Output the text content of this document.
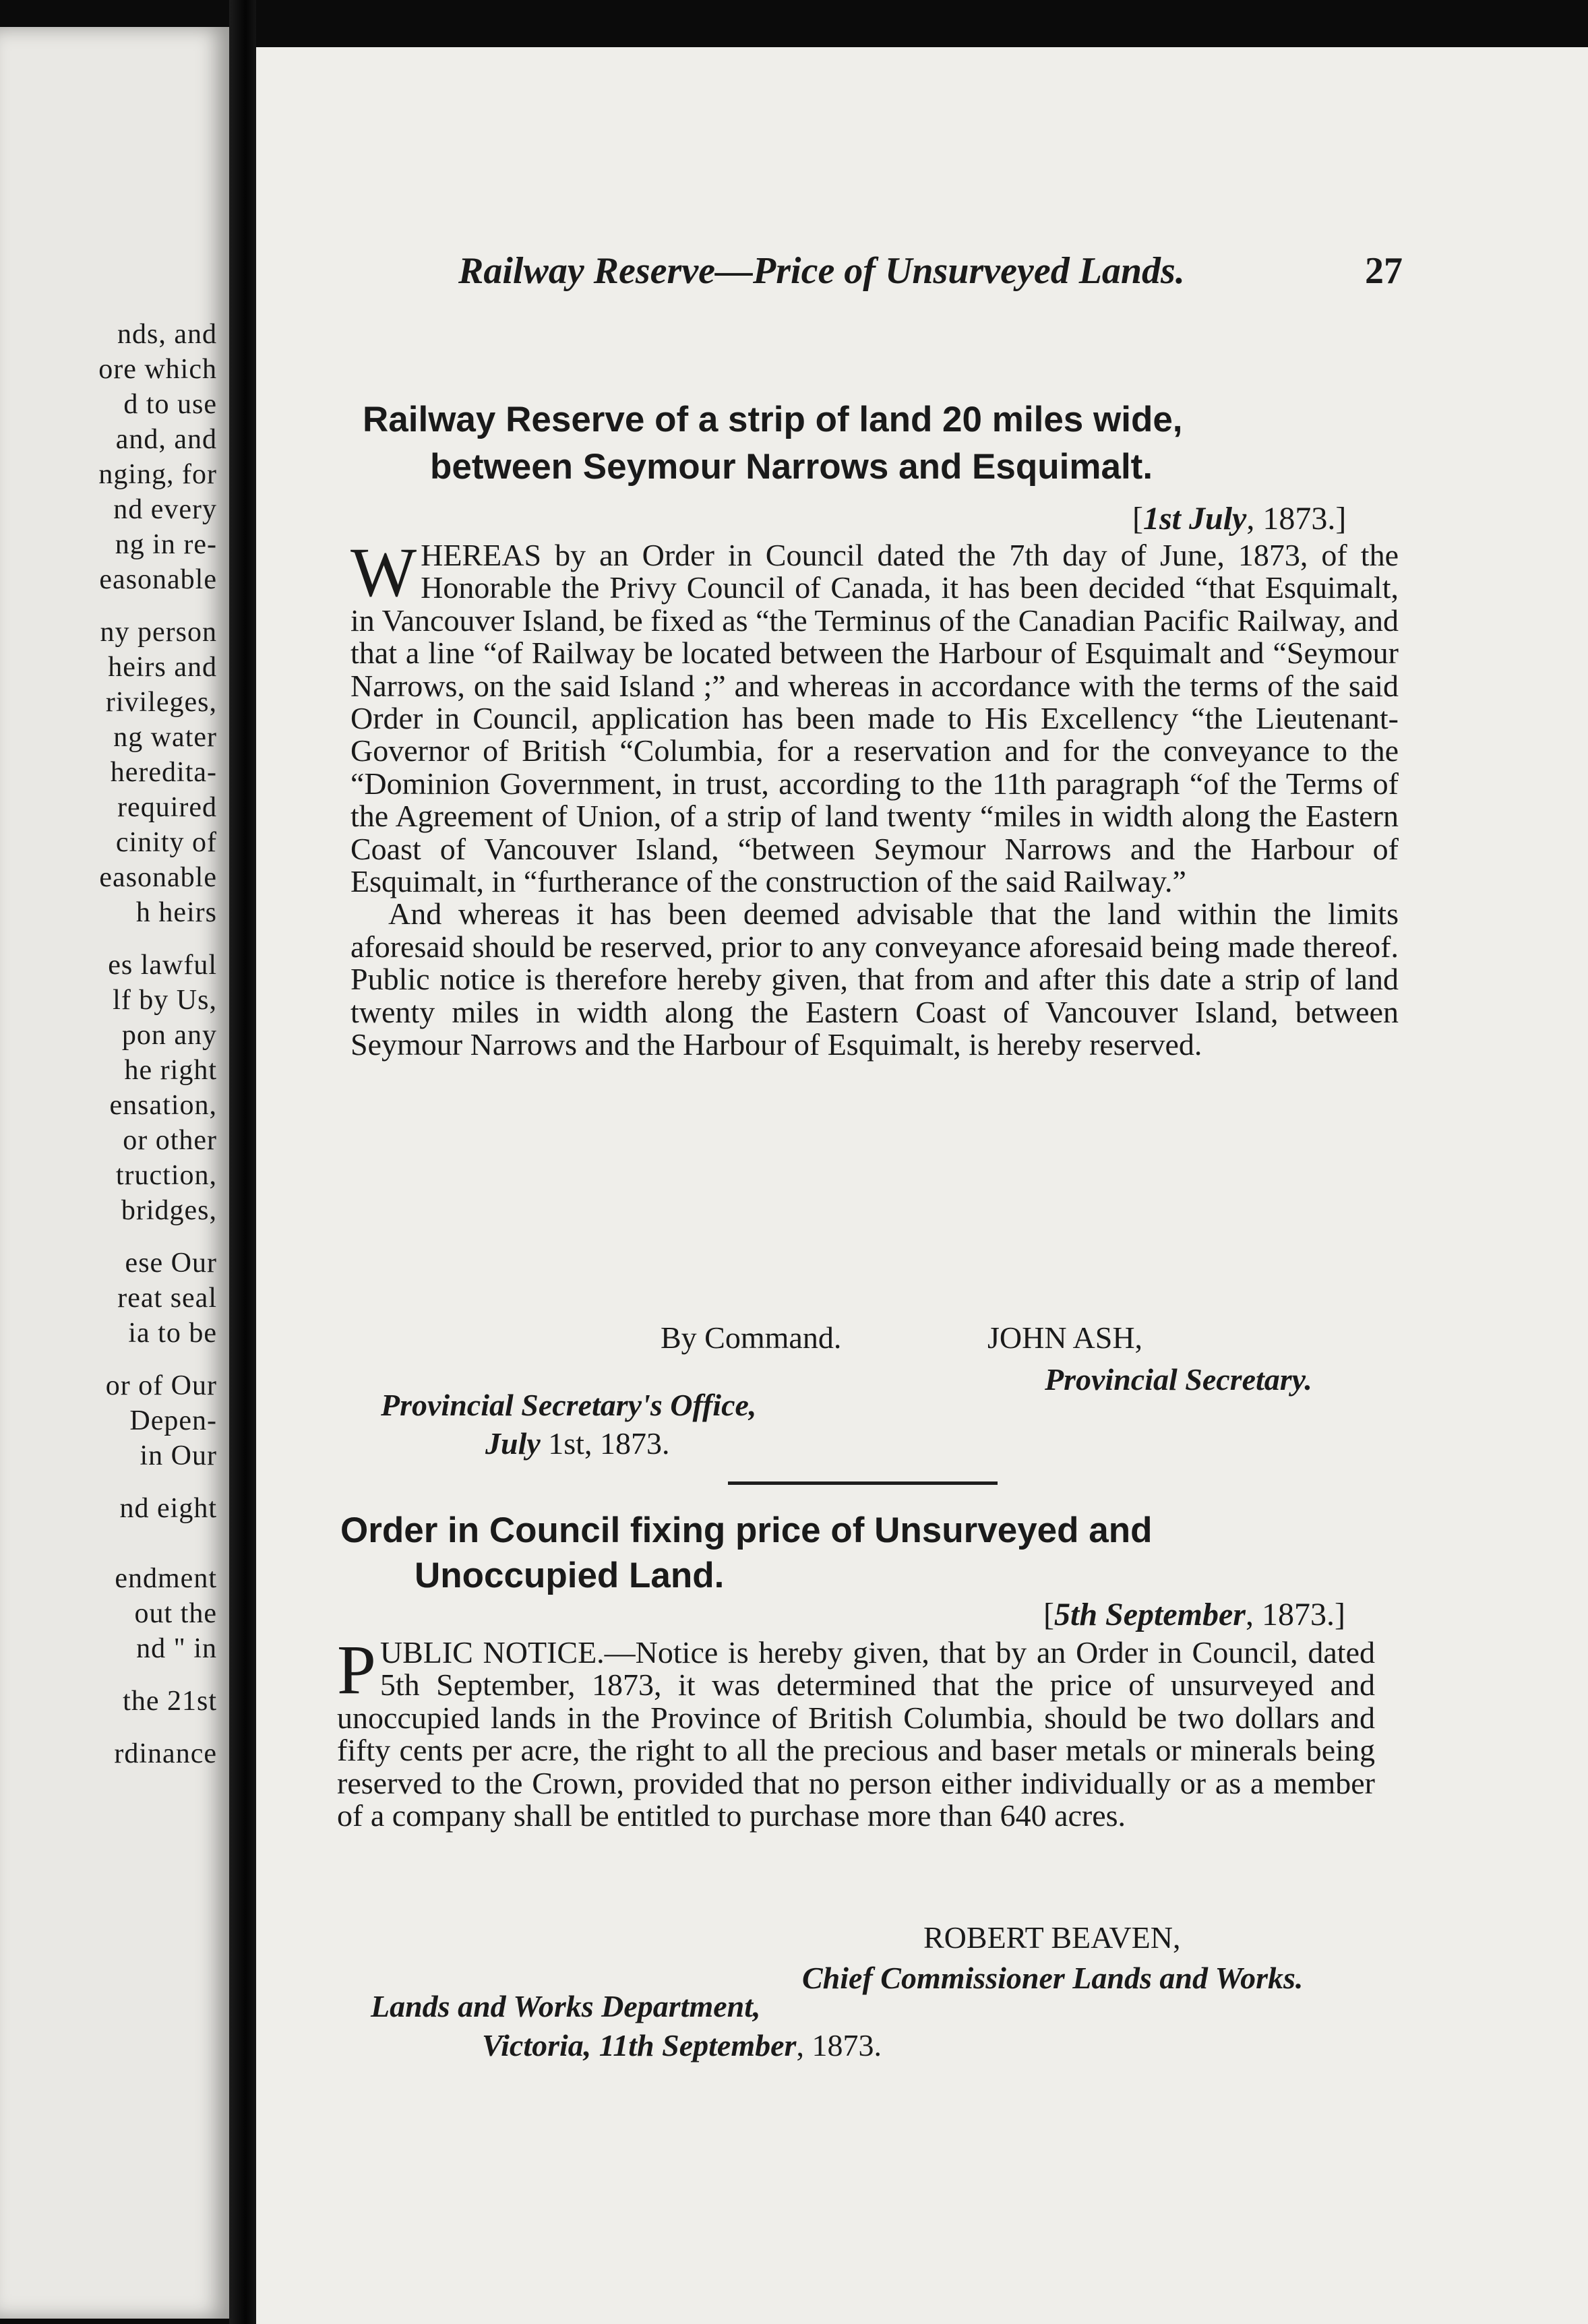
nds, and
ore which
d to use
and, and
nging, for
nd every
ng in re-
easonable
ny person
heirs and
rivileges,
ng water
heredita-
required
cinity of
easonable
h heirs
es lawful
lf by Us,
pon any
he right
ensation,
or other
truction,
bridges,
ese Our
reat seal
ia to be
or of Our
Depen-
in Our
nd eight
endment
out the
nd " in
the 21st
rdinance
Railway Reserve—Price of Unsurveyed Lands.	27
Railway Reserve of a strip of land 20 miles wide,
between Seymour Narrows and Esquimalt.
[1st July, 1873.]

WHEREAS by an Order in Council dated the 7th day of June, 1873, of the Honorable the Privy Council of Canada, it has been decided “that Esquimalt, in Vancouver Island, be fixed as “the Terminus of the Canadian Pacific Railway, and that a line “of Railway be located between the Harbour of Esquimalt and “Seymour Narrows, on the said Island ;” and whereas in accordance with the terms of the said Order in Council, application has been made to His Excellency “the Lieutenant-Governor of British “Columbia, for a reservation and for the conveyance to the “Dominion Government, in trust, according to the 11th paragraph “of the Terms of the Agreement of Union, of a strip of land twenty “miles in width along the Eastern Coast of Vancouver Island, “between Seymour Narrows and the Harbour of Esquimalt, in “furtherance of the construction of the said Railway.”

And whereas it has been deemed advisable that the land within the limits aforesaid should be reserved, prior to any conveyance aforesaid being made thereof. Public notice is therefore hereby given, that from and after this date a strip of land twenty miles in width along the Eastern Coast of Vancouver Island, between Seymour Narrows and the Harbour of Esquimalt, is hereby reserved.

By Command.	JOHN ASH,
Provincial Secretary.
Provincial Secretary's Office,
July 1st, 1873.
Order in Council fixing price of Unsurveyed and
Unoccupied Land.
[5th September, 1873.]

PUBLIC NOTICE.—Notice is hereby given, that by an Order in Council, dated 5th September, 1873, it was determined that the price of unsurveyed and unoccupied lands in the Province of British Columbia, should be two dollars and fifty cents per acre, the right to all the precious and baser metals or minerals being reserved to the Crown, provided that no person either individually or as a member of a company shall be entitled to purchase more than 640 acres.

ROBERT BEAVEN,
Chief Commissioner Lands and Works.
Lands and Works Department,
Victoria, 11th September, 1873.
